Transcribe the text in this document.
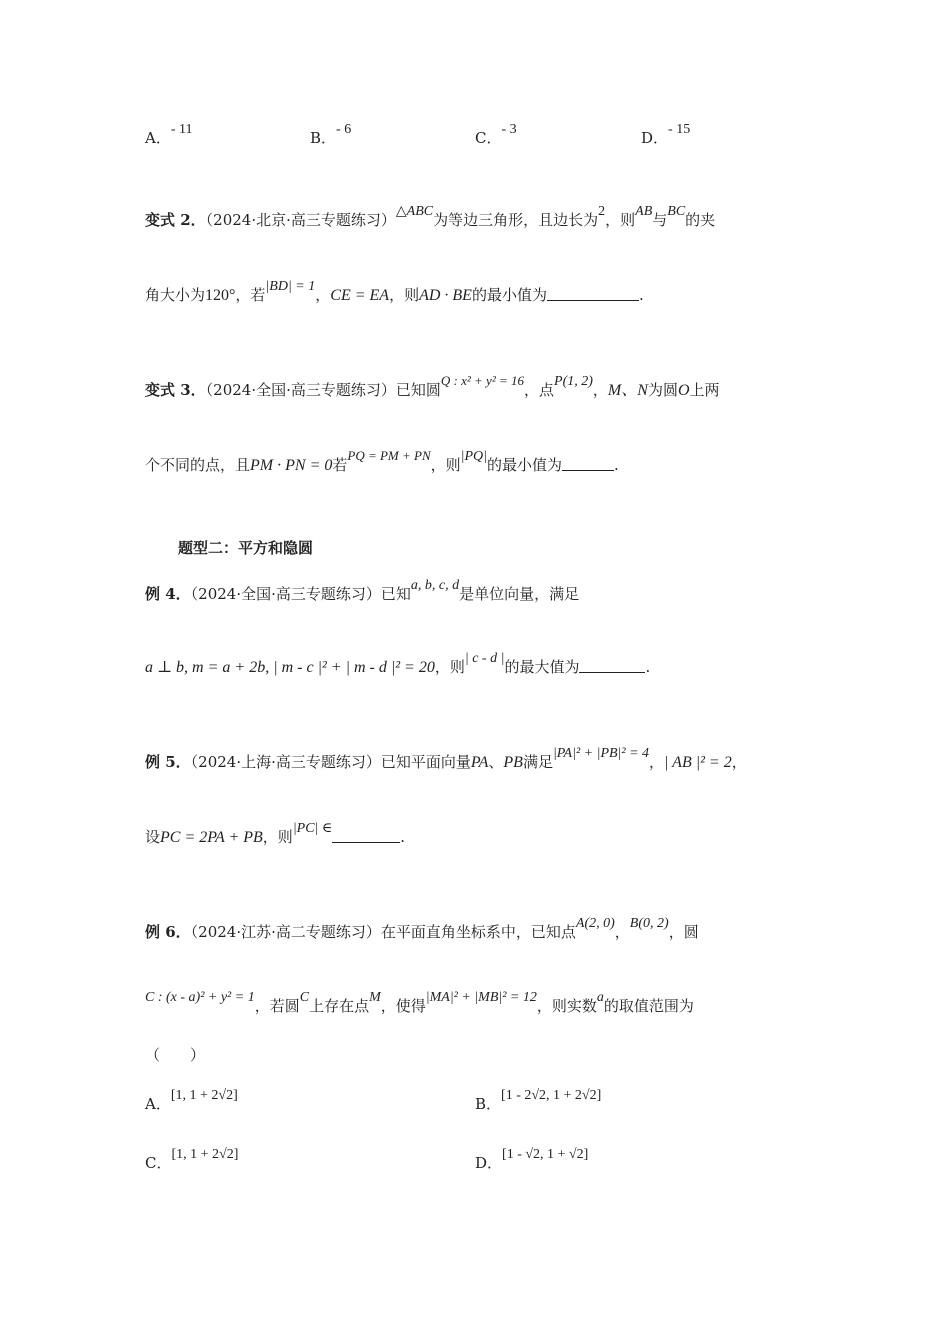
A．- 11	B．- 6	C．- 3	D．- 15
变式 2．（2024·北京·高三专题练习）△ABC为等边三角形，且边长为2，则AB与BC的夹
角大小为120°，若|BD| = 1，CE = EA，则AD · BE的最小值为	.
变式 3．（2024·全国·高三专题练习）已知圆Q : x² + y² = 16，点P(1, 2)，M、N为圆O上两
个不同的点，且PM · PN = 0若PQ = PM + PN，则|PQ|的最小值为	.
题型二：平方和隐圆
例 4．（2024·全国·高三专题练习）已知a, b, c, d是单位向量，满足
a ⊥ b, m = a + 2b, | m - c |² + | m - d |² = 20，则| c - d |的最大值为	.
例 5．（2024·上海·高三专题练习）已知平面向量PA、PB满足|PA|² + |PB|² = 4，| AB |² = 2，
设PC = 2PA + PB，则|PC| ∈	.
例 6．（2024·江苏·高二专题练习）在平面直角坐标系中，已知点A(2, 0)，B(0, 2)，圆
C : (x - a)² + y² = 1，若圆C上存在点M，使得|MA|² + |MB|² = 12，则实数a的取值范围为
（　　）
A．[1, 1 + 2√2]	B．[1 - 2√2, 1 + 2√2]
C．[1, 1 + 2√2]	D．[1 - √2, 1 + √2]
